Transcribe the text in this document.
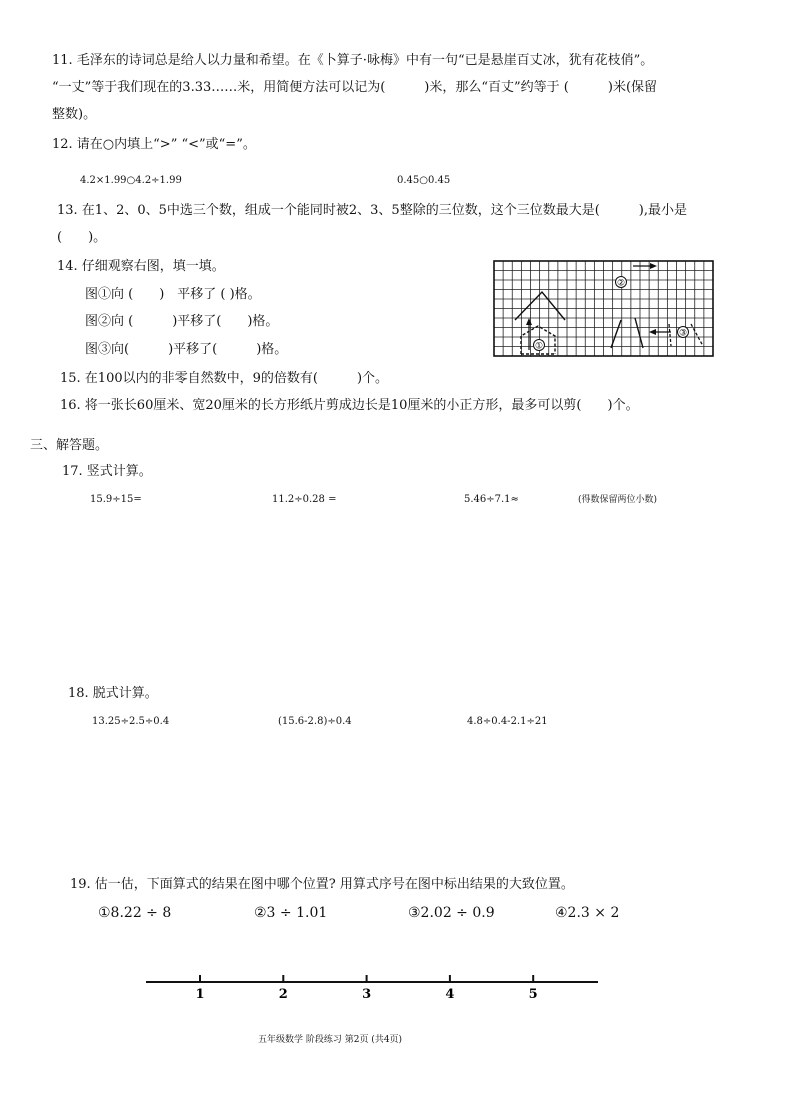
11. 毛泽东的诗词总是给人以力量和希望。在《卜算子·咏梅》中有一句“已是悬崖百丈冰，犹有花枝俏”。
“一丈”等于我们现在的3.33……米，用简便方法可以记为(　　　)米，那么“百丈”约等于 (　　　)米(保留
整数)。
12. 请在○内填上“>” “<”或“=”。
4.2×1.99○4.2÷1.99	0.45○0.45
13. 在1、2、0、5中选三个数，组成一个能同时被2、3、5整除的三位数，这个三位数最大是(　　　),最小是
(　　)。
14. 仔细观察右图，填一填。
图①向 (　　)　平移了 ( )格。
图②向 (　　　)平移了(　　)格。
图③向(　　　)平移了(　　　)格。	①
②
③
15. 在100以内的非零自然数中，9的倍数有(　　　)个。
16. 将一张长60厘米、宽20厘米的长方形纸片剪成边长是10厘米的小正方形，最多可以剪(　　)个。
三、解答题。
17. 竖式计算。
15.9÷15=	11.2÷0.28 =	5.46÷7.1≈	(得数保留两位小数)
18. 脱式计算。
13.25÷2.5÷0.4	(15.6-2.8)÷0.4	4.8÷0.4-2.1÷21
19. 估一估，下面算式的结果在图中哪个位置? 用算式序号在图中标出结果的大致位置。
①8.22 ÷ 8	②3 ÷ 1.01	③2.02 ÷ 0.9	④2.3 × 2
1	2	3	4	5
五年级数学 阶段练习 第2页 (共4页)
